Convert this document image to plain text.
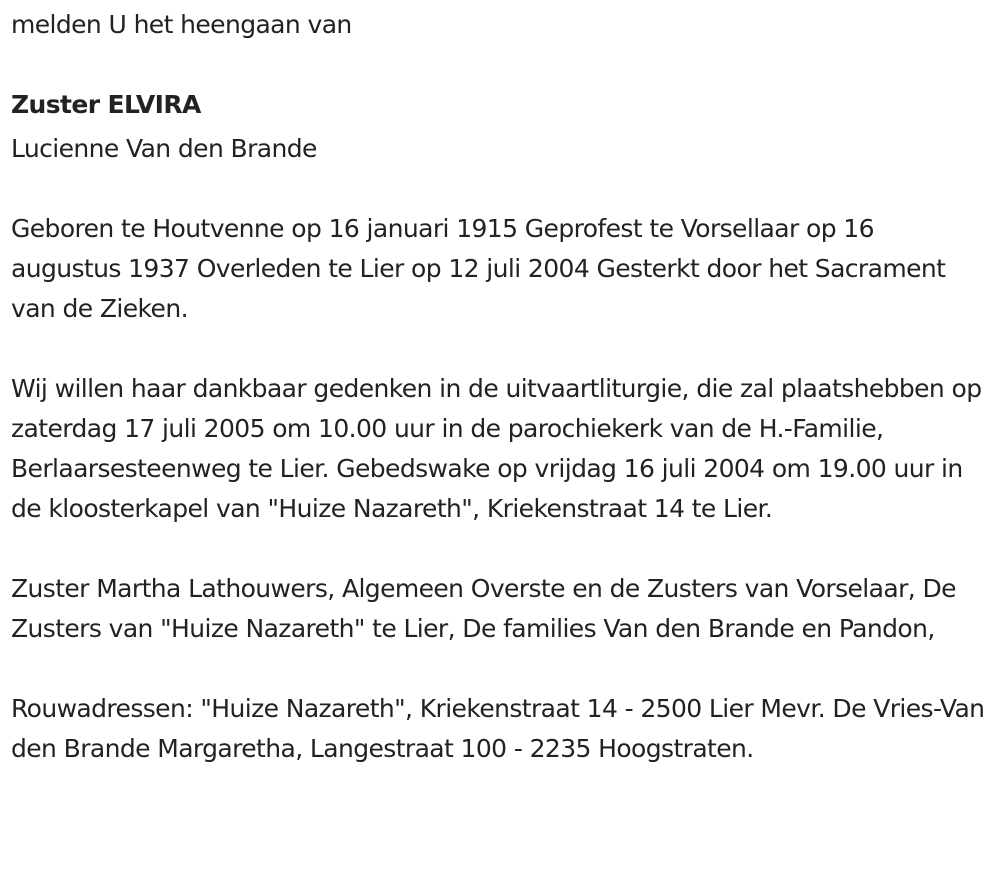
melden U het heengaan van

Zuster ELVIRA

Lucienne Van den Brande

Geboren te Houtvenne op 16 januari 1915 Geprofest te Vorsellaar op 16 augustus 1937 Overleden te Lier op 12 juli 2004 Gesterkt door het Sacrament van de Zieken.

Wij willen haar dankbaar gedenken in de uitvaartliturgie, die zal plaatshebben op zaterdag 17 juli 2005 om 10.00 uur in de parochiekerk van de H.-Familie, Berlaarsesteenweg te Lier. Gebedswake op vrijdag 16 juli 2004 om 19.00 uur in de kloosterkapel van "Huize Nazareth", Kriekenstraat 14 te Lier.

Zuster Martha Lathouwers, Algemeen Overste en de Zusters van Vorselaar, De Zusters van "Huize Nazareth" te Lier, De families Van den Brande en Pandon,

Rouwadressen: "Huize Nazareth", Kriekenstraat 14 - 2500 Lier Mevr. De Vries-Van den Brande Margaretha, Langestraat 100 - 2235 Hoogstraten.
